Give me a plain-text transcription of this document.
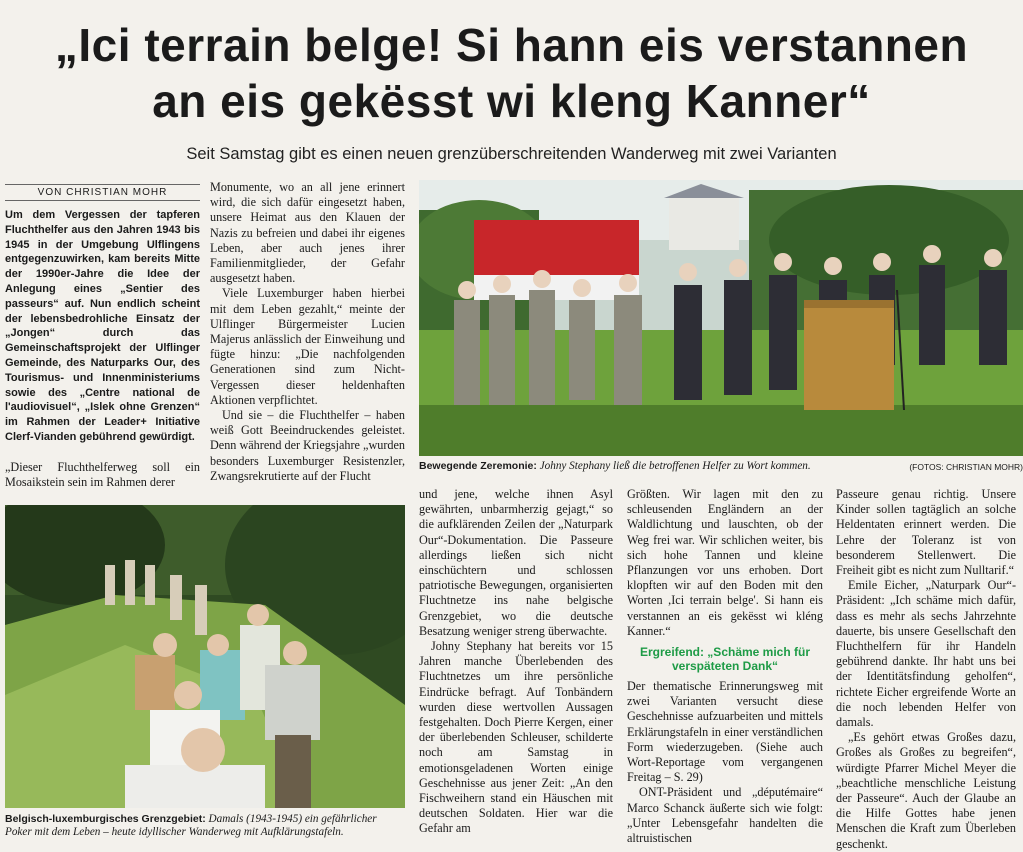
„Ici terrain belge! Si hann eis verstannen
an eis gekësst wi kleng Kanner“
Seit Samstag gibt es einen neuen grenzüberschreitenden Wanderweg mit zwei Varianten
VON CHRISTIAN MOHR

Um dem Vergessen der tapferen Fluchthelfer aus den Jahren 1943 bis 1945 in der Umgebung Ulflingens entgegenzuwirken, kam bereits Mitte der 1990er-Jahre die Idee der Anlegung eines „Sentier des passeurs“ auf. Nun endlich scheint der lebensbedrohliche Einsatz der „Jongen“ durch das Gemeinschaftsprojekt der Ulflinger Gemeinde, des Naturparks Our, des Tourismus- und Innenministeriums sowie des „Centre national de l'audiovisuel“, „Islek ohne Grenzen“ im Rahmen der Leader+ Initiative Clerf-Vianden gebührend gewürdigt.

„Dieser Fluchthelferweg soll ein Mosaikstein sein im Rahmen derer

Monumente, wo an all jene erinnert wird, die sich dafür eingesetzt haben, unsere Heimat aus den Klauen der Nazis zu befreien und dabei ihr eigenes Leben, aber auch jenes ihrer Familienmitglieder, der Gefahr ausgesetzt haben.

Viele Luxemburger haben hierbei mit dem Leben gezahlt,“ meinte der Ulflinger Bürgermeister Lucien Majerus anlässlich der Einweihung und fügte hinzu: „Die nachfolgenden Generationen sind zum Nicht-Vergessen dieser heldenhaften Aktionen verpflichtet.

Und sie – die Fluchthelfer – haben weiß Gott Beeindruckendes geleistet. Denn während der Kriegsjahre „wurden besonders Luxemburger Resistenzler, Zwangsrekrutierte auf der Flucht

Bewegende Zeremonie: Johny Stephany ließ die betroffenen Helfer zu Wort kommen.	(FOTOS: CHRISTIAN MOHR)
Belgisch-luxemburgisches Grenzgebiet: Damals (1943-1945) ein gefährlicher Poker mit dem Leben – heute idyllischer Wanderweg mit Aufklärungstafeln.

und jene, welche ihnen Asyl gewährten, unbarmherzig gejagt,“ so die aufklärenden Zeilen der „Naturpark Our“-Dokumentation. Die Passeure allerdings ließen sich nicht einschüchtern und schlossen patriotische Bewegungen, organisierten Fluchtnetze ins nahe belgische Grenzgebiet, wo die deutsche Besatzung weniger streng überwachte.

Johny Stephany hat bereits vor 15 Jahren manche Überlebenden des Fluchtnetzes um ihre persönliche Eindrücke befragt. Auf Tonbändern wurden diese wertvollen Aussagen festgehalten. Doch Pierre Kergen, einer der überlebenden Schleuser, schilderte noch am Samstag in emotionsgeladenen Worten einige Geschehnisse aus jener Zeit: „An den Fischweihern stand ein Häuschen mit deutschen Soldaten. Hier war die Gefahr am

Größten. Wir lagen mit den zu schleusenden Engländern an der Waldlichtung und lauschten, ob der Weg frei war. Wir schlichen weiter, bis sich hohe Tannen und kleine Pflanzungen vor uns erhoben. Dort klopften wir auf den Boden mit den Worten ,Ici terrain belge'. Si hann eis verstannen an eis gekësst wi kléng Kanner.“

Ergreifend: „Schäme mich für verspäteten Dank“

Der thematische Erinnerungsweg mit zwei Varianten versucht diese Geschehnisse aufzuarbeiten und mittels Erklärungstafeln in einer verständlichen Form wiederzugeben. (Siehe auch Wort-Reportage vom vergangenen Freitag – S. 29)

ONT-Präsident und „députémaire“ Marco Schanck äußerte sich wie folgt: „Unter Lebensgefahr handelten die altruistischen

Passeure genau richtig. Unsere Kinder sollen tagtäglich an solche Heldentaten erinnert werden. Die Lehre der Toleranz ist von besonderem Stellenwert. Die Freiheit gibt es nicht zum Nulltarif.“

Emile Eicher, „Naturpark Our“-Präsident: „Ich schäme mich dafür, dass es mehr als sechs Jahrzehnte dauerte, bis unsere Gesellschaft den Fluchthelfern für ihr Handeln gebührend dankte. Ihr habt uns bei der Identitätsfindung geholfen“, richtete Eicher ergreifende Worte an die noch lebenden Helfer von damals.

„Es gehört etwas Großes dazu, Großes als Großes zu begreifen“, würdigte Pfarrer Michel Meyer die „beachtliche menschliche Leistung der Passeure“. Auch der Glaube an die Hilfe Gottes habe jenen Menschen die Kraft zum Überleben geschenkt.
